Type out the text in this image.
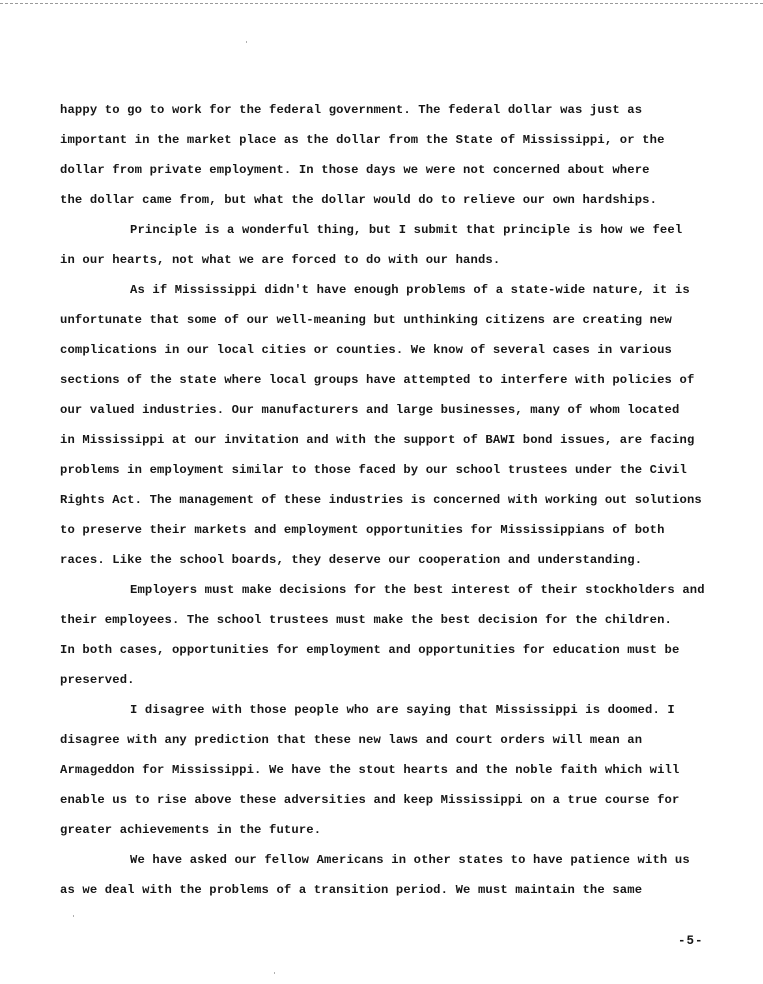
happy to go to work for the federal government. The federal dollar was just as
important in the market place as the dollar from the State of Mississippi, or the
dollar from private employment. In those days we were not concerned about where
the dollar came from, but what the dollar would do to relieve our own hardships.
Principle is a wonderful thing, but I submit that principle is how we feel
in our hearts, not what we are forced to do with our hands.
As if Mississippi didn't have enough problems of a state-wide nature, it is
unfortunate that some of our well-meaning but unthinking citizens are creating new
complications in our local cities or counties. We know of several cases in various
sections of the state where local groups have attempted to interfere with policies of
our valued industries. Our manufacturers and large businesses, many of whom located
in Mississippi at our invitation and with the support of BAWI bond issues, are facing
problems in employment similar to those faced by our school trustees under the Civil
Rights Act. The management of these industries is concerned with working out solutions
to preserve their markets and employment opportunities for Mississippians of both
races. Like the school boards, they deserve our cooperation and understanding.
Employers must make decisions for the best interest of their stockholders and
their employees. The school trustees must make the best decision for the children.
In both cases, opportunities for employment and opportunities for education must be
preserved.
I disagree with those people who are saying that Mississippi is doomed. I
disagree with any prediction that these new laws and court orders will mean an
Armageddon for Mississippi. We have the stout hearts and the noble faith which will
enable us to rise above these adversities and keep Mississippi on a true course for
greater achievements in the future.
We have asked our fellow Americans in other states to have patience with us
as we deal with the problems of a transition period. We must maintain the same
-5-
